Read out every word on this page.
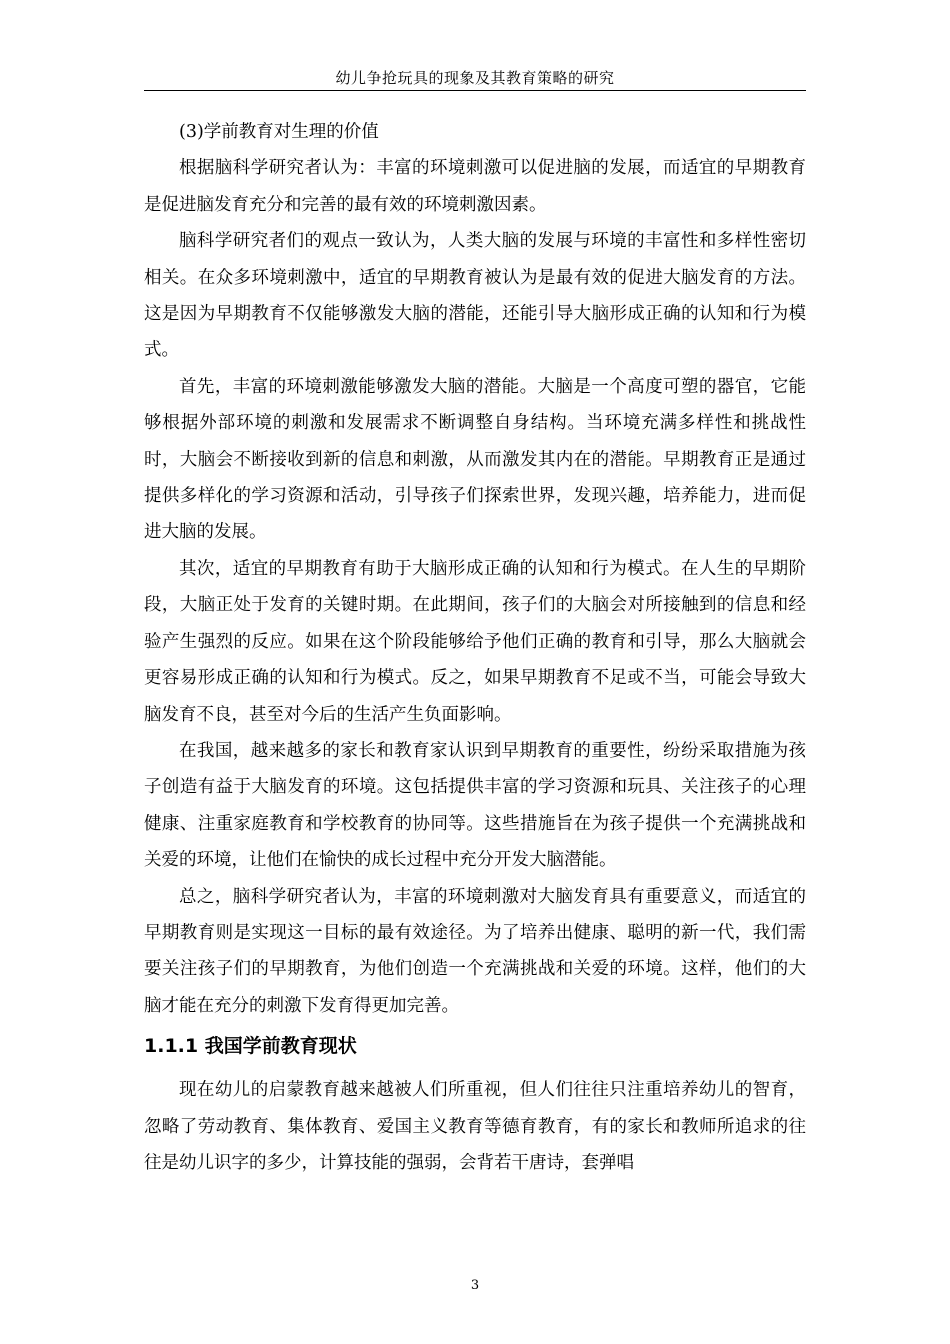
幼儿争抢玩具的现象及其教育策略的研究

(3)学前教育对生理的价值

根据脑科学研究者认为：丰富的环境刺激可以促进脑的发展，而适宜的早期教育是促进脑发育充分和完善的最有效的环境刺激因素。

脑科学研究者们的观点一致认为，人类大脑的发展与环境的丰富性和多样性密切相关。在众多环境刺激中，适宜的早期教育被认为是最有效的促进大脑发育的方法。这是因为早期教育不仅能够激发大脑的潜能，还能引导大脑形成正确的认知和行为模式。

首先，丰富的环境刺激能够激发大脑的潜能。大脑是一个高度可塑的器官，它能够根据外部环境的刺激和发展需求不断调整自身结构。当环境充满多样性和挑战性时，大脑会不断接收到新的信息和刺激，从而激发其内在的潜能。早期教育正是通过提供多样化的学习资源和活动，引导孩子们探索世界，发现兴趣，培养能力，进而促进大脑的发展。

其次，适宜的早期教育有助于大脑形成正确的认知和行为模式。在人生的早期阶段，大脑正处于发育的关键时期。在此期间，孩子们的大脑会对所接触到的信息和经验产生强烈的反应。如果在这个阶段能够给予他们正确的教育和引导，那么大脑就会更容易形成正确的认知和行为模式。反之，如果早期教育不足或不当，可能会导致大脑发育不良，甚至对今后的生活产生负面影响。

在我国，越来越多的家长和教育家认识到早期教育的重要性，纷纷采取措施为孩子创造有益于大脑发育的环境。这包括提供丰富的学习资源和玩具、关注孩子的心理健康、注重家庭教育和学校教育的协同等。这些措施旨在为孩子提供一个充满挑战和关爱的环境，让他们在愉快的成长过程中充分开发大脑潜能。

总之，脑科学研究者认为，丰富的环境刺激对大脑发育具有重要意义，而适宜的早期教育则是实现这一目标的最有效途径。为了培养出健康、聪明的新一代，我们需要关注孩子们的早期教育，为他们创造一个充满挑战和关爱的环境。这样，他们的大脑才能在充分的刺激下发育得更加完善。

1.1.1 我国学前教育现状

现在幼儿的启蒙教育越来越被人们所重视，但人们往往只注重培养幼儿的智育，忽略了劳动教育、集体教育、爱国主义教育等德育教育，有的家长和教师所追求的往往是幼儿识字的多少，计算技能的强弱，会背若干唐诗，套弹唱

3
